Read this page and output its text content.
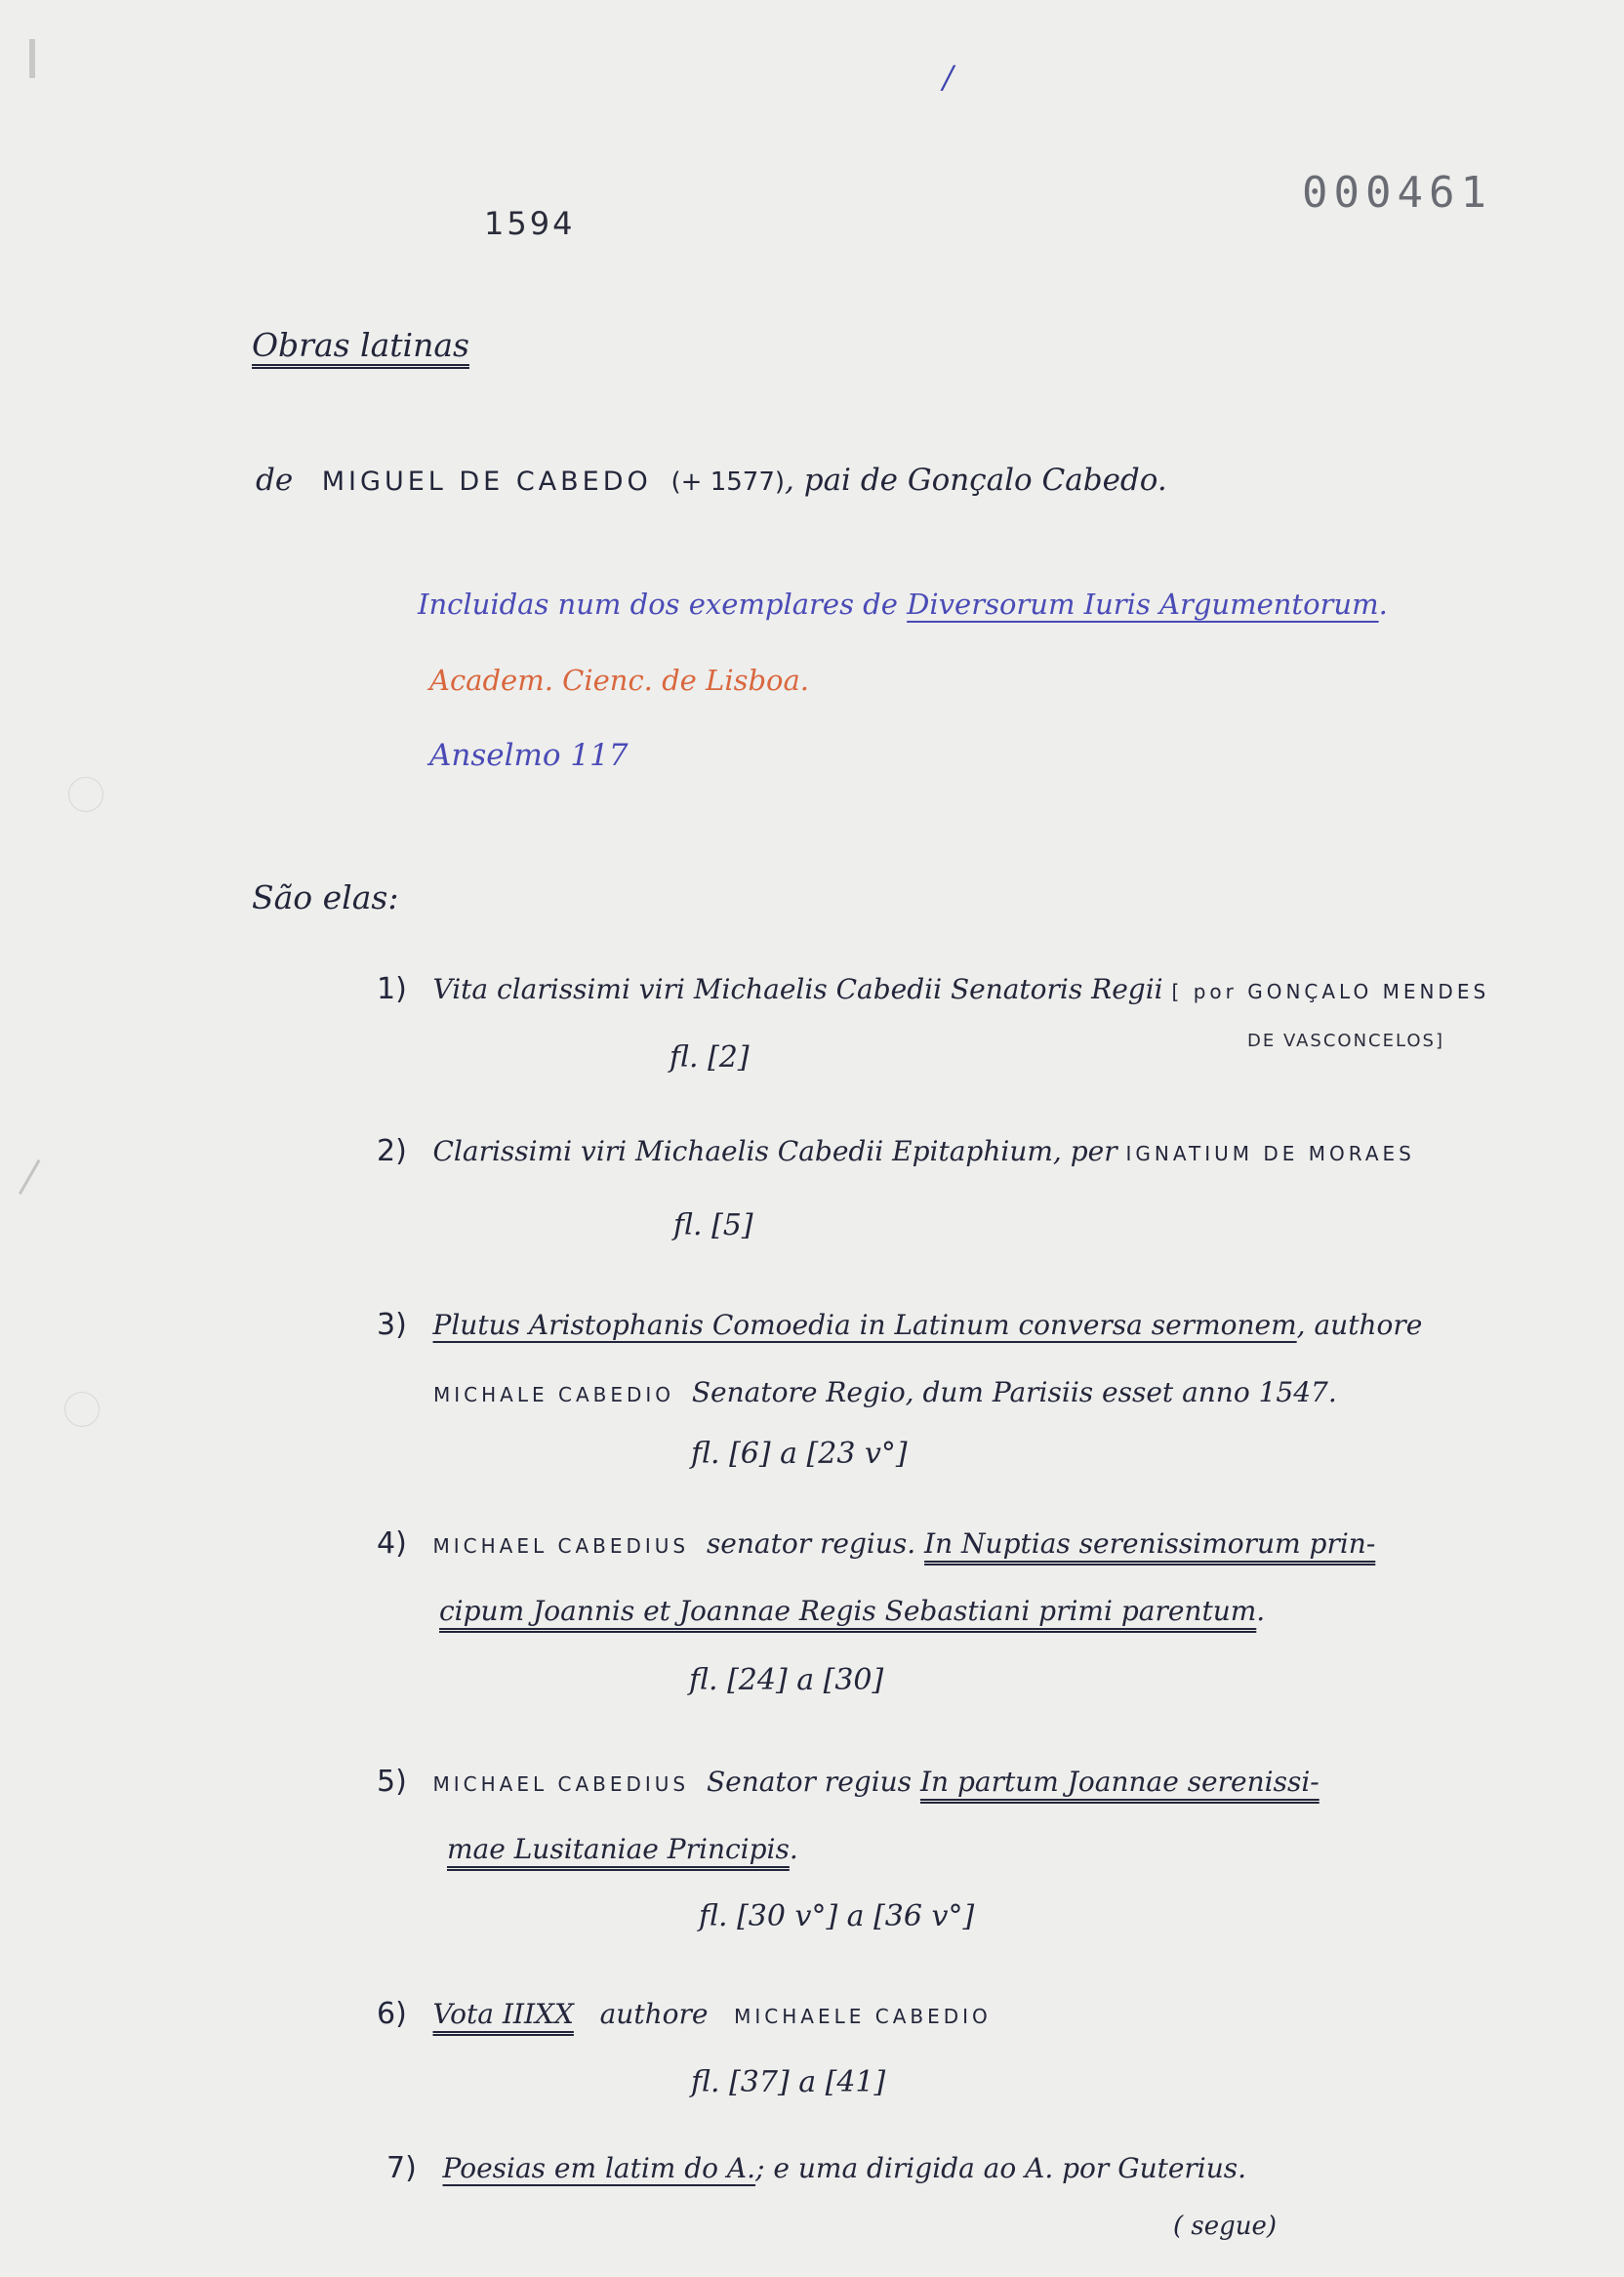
/
000461
1594
Obras latinas
de MIGUEL DE CABEDO (+ 1577), pai de Gonçalo Cabedo.
Incluidas num dos exemplares de Diversorum Iuris Argumentorum.
Academ. Cienc. de Lisboa.
Anselmo 117
São elas:
1) Vita clarissimi viri Michaelis Cabedii Senatoris Regii [ por GONÇALO MENDES
DE VASCONCELOS]
fl. [2]
2) Clarissimi viri Michaelis Cabedii Epitaphium, per IGNATIUM DE MORAES
fl. [5]
3) Plutus Aristophanis Comoedia in Latinum conversa sermonem, authore
MICHALE CABEDIO Senatore Regio, dum Parisiis esset anno 1547.
fl. [6] a [23 v°]
4) MICHAEL CABEDIUS senator regius. In Nuptias serenissimorum prin-
cipum Joannis et Joannae Regis Sebastiani primi parentum.
fl. [24] a [30]
5) MICHAEL CABEDIUS Senator regius In partum Joannae serenissi-
mae Lusitaniae Principis.
fl. [30 v°] a [36 v°]
6) Vota IIIXX authore MICHAELE CABEDIO
fl. [37] a [41]
7) Poesias em latim do A.; e uma dirigida ao A. por Guterius.
( segue)
